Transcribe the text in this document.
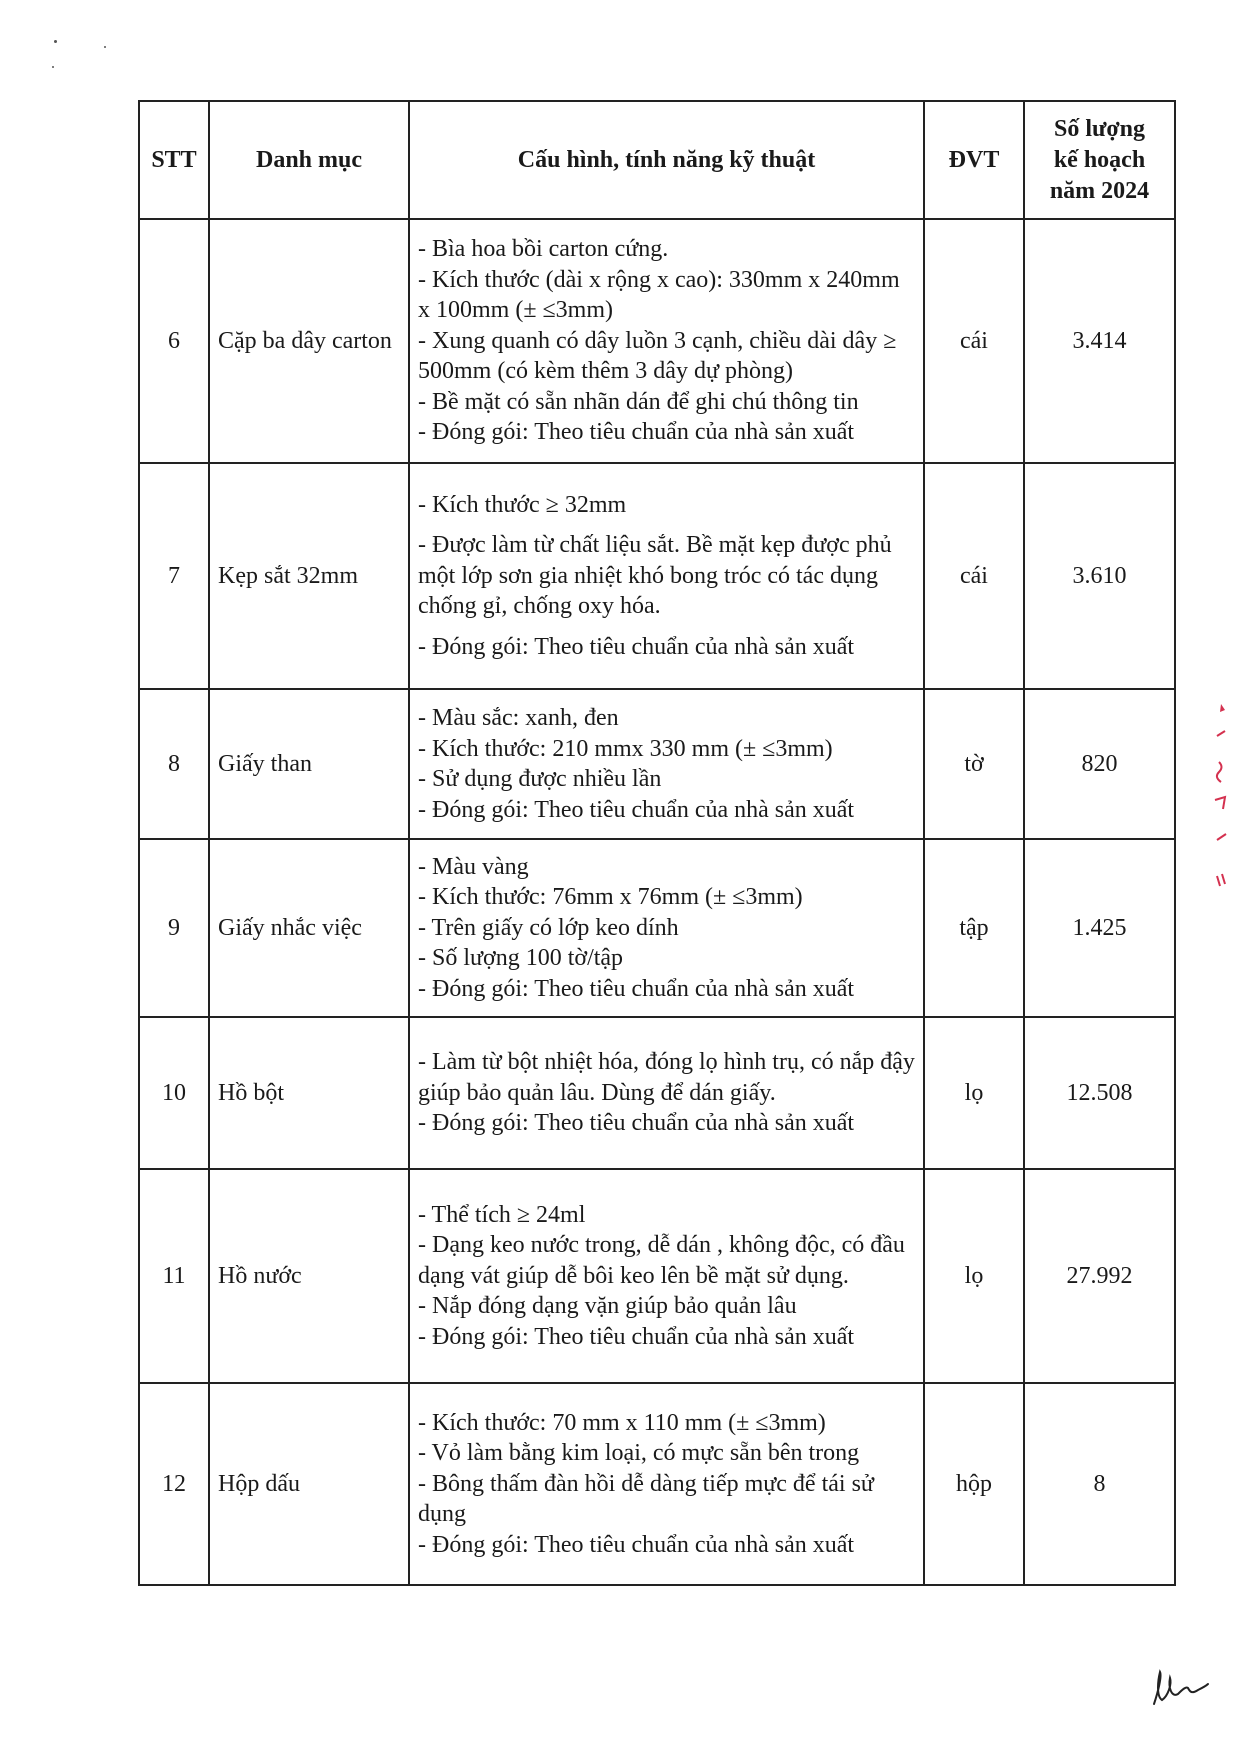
STT	Danh mục	Cấu hình, tính năng kỹ thuật	ĐVT	Số lượng
kế hoạch
năm 2024

6	Cặp ba dây carton	- Bìa hoa bồi carton cứng.
- Kích thước (dài x rộng x cao): 330mm x 240mm x 100mm (± ≤3mm)
- Xung quanh có dây luồn 3 cạnh, chiều dài dây ≥ 500mm (có kèm thêm 3 dây dự phòng)
- Bề mặt có sẵn nhãn dán để ghi chú thông tin
- Đóng gói: Theo tiêu chuẩn của nhà sản xuất	cái	3.414
7	Kẹp sắt 32mm	- Kích thước ≥ 32mm
- Được làm từ chất liệu sắt. Bề mặt kẹp được phủ một lớp sơn gia nhiệt khó bong tróc có tác dụng chống gỉ, chống oxy hóa.
- Đóng gói: Theo tiêu chuẩn của nhà sản xuất	cái	3.610
8	Giấy than	- Màu sắc: xanh, đen
- Kích thước: 210 mmx 330 mm (± ≤3mm)
- Sử dụng được nhiều lần
- Đóng gói: Theo tiêu chuẩn của nhà sản xuất	tờ	820
9	Giấy nhắc việc	- Màu vàng
- Kích thước: 76mm x 76mm (± ≤3mm)
- Trên giấy có lớp keo dính
- Số lượng 100 tờ/tập
- Đóng gói: Theo tiêu chuẩn của nhà sản xuất	tập	1.425
10	Hồ bột	- Làm từ bột nhiệt hóa, đóng lọ hình trụ, có nắp đậy giúp bảo quản lâu. Dùng để dán giấy.
- Đóng gói: Theo tiêu chuẩn của nhà sản xuất	lọ	12.508
11	Hồ nước	- Thể tích ≥ 24ml
- Dạng keo nước trong, dễ dán , không độc, có đầu dạng vát giúp dễ bôi keo lên bề mặt sử dụng.
- Nắp đóng dạng vặn giúp bảo quản lâu
- Đóng gói: Theo tiêu chuẩn của nhà sản xuất	lọ	27.992
12	Hộp dấu	- Kích thước: 70 mm x 110 mm (± ≤3mm)
- Vỏ làm bằng kim loại, có mực sẵn bên trong
- Bông thấm đàn hồi dễ dàng tiếp mực để tái sử dụng
- Đóng gói: Theo tiêu chuẩn của nhà sản xuất	hộp	8
